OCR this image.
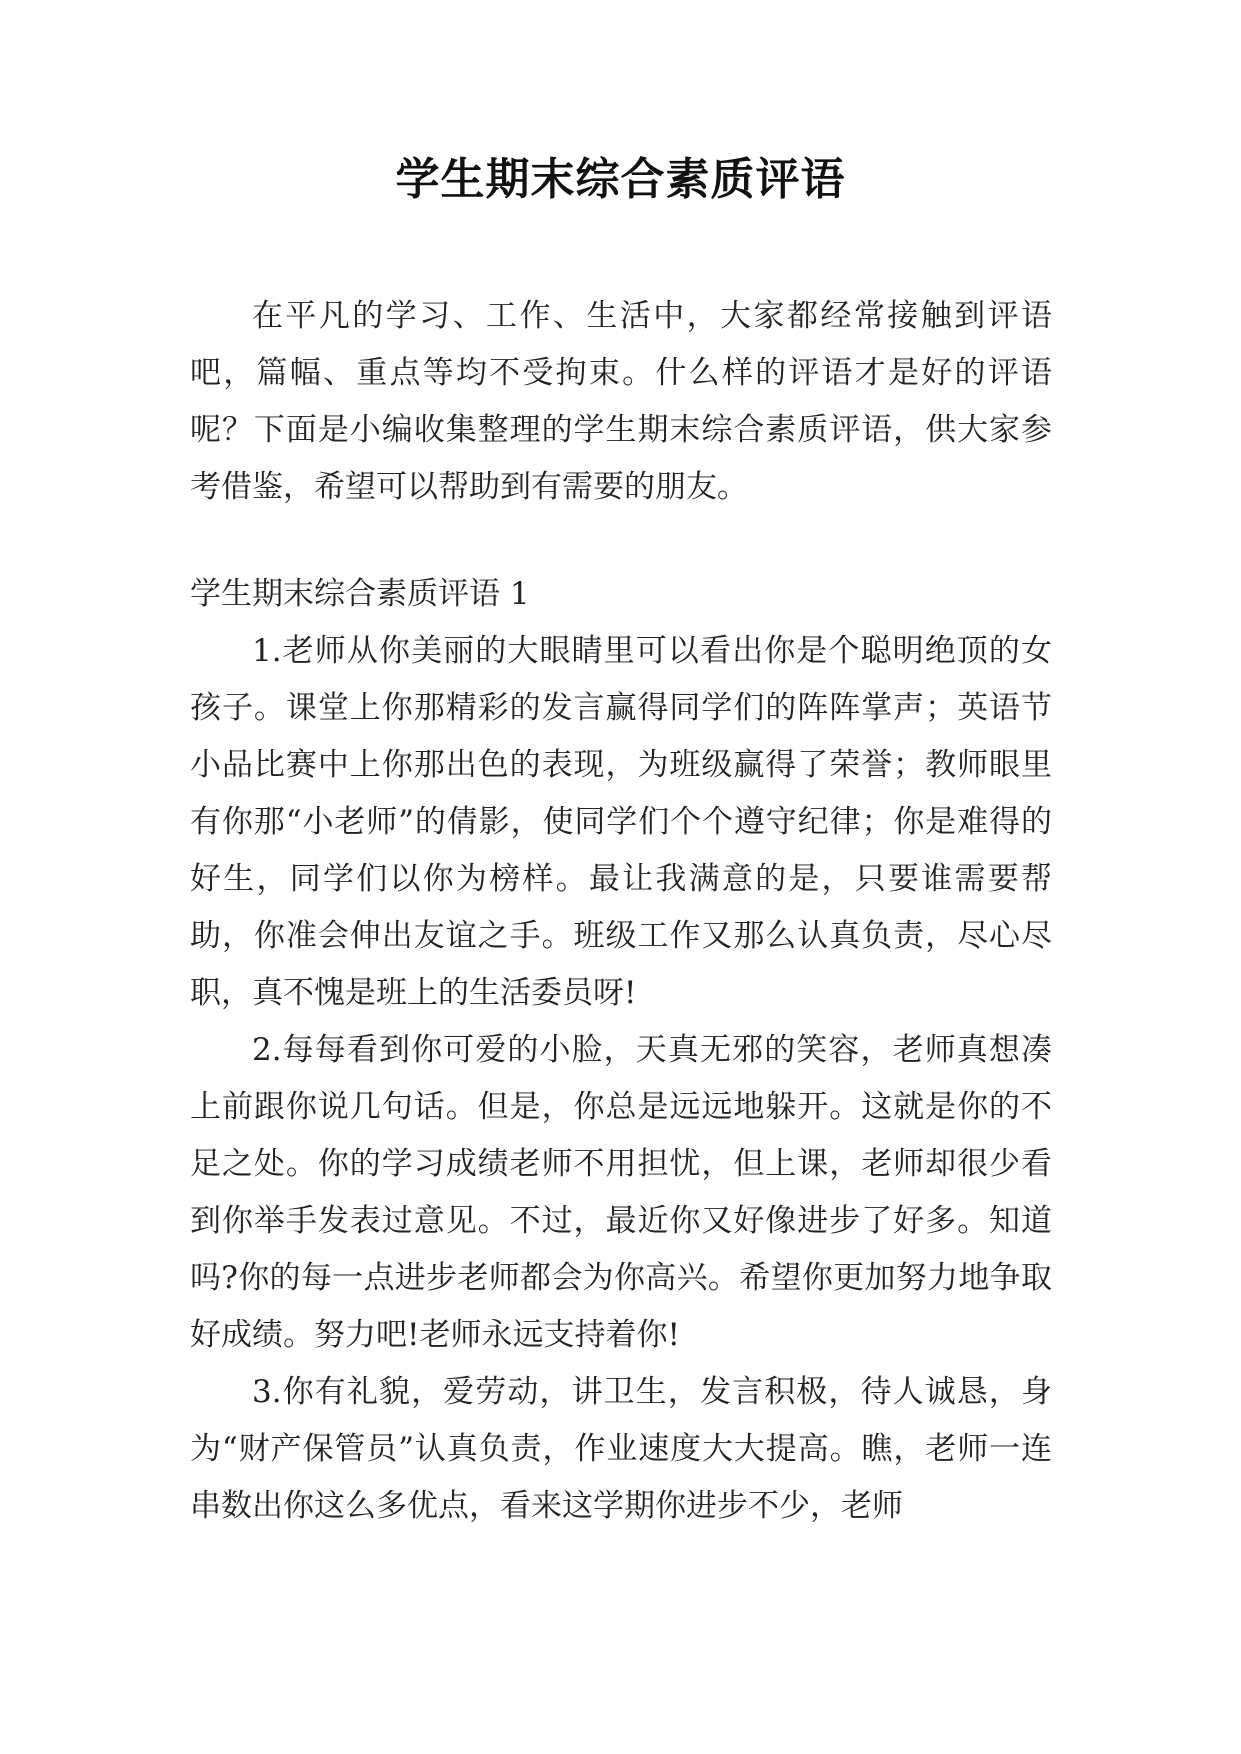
学生期末综合素质评语

在平凡的学习、工作、生活中，大家都经常接触到评语吧，篇幅、重点等均不受拘束。什么样的评语才是好的评语呢？下面是小编收集整理的学生期末综合素质评语，供大家参考借鉴，希望可以帮助到有需要的朋友。

学生期末综合素质评语 1

1.老师从你美丽的大眼睛里可以看出你是个聪明绝顶的女孩子。课堂上你那精彩的发言赢得同学们的阵阵掌声；英语节小品比赛中上你那出色的表现，为班级赢得了荣誉；教师眼里有你那“小老师”的倩影，使同学们个个遵守纪律；你是难得的好生，同学们以你为榜样。最让我满意的是，只要谁需要帮助，你准会伸出友谊之手。班级工作又那么认真负责，尽心尽职，真不愧是班上的生活委员呀!

2.每每看到你可爱的小脸，天真无邪的笑容，老师真想凑上前跟你说几句话。但是，你总是远远地躲开。这就是你的不足之处。你的学习成绩老师不用担忧，但上课，老师却很少看到你举手发表过意见。不过，最近你又好像进步了好多。知道吗?你的每一点进步老师都会为你高兴。希望你更加努力地争取好成绩。努力吧!老师永远支持着你!

3.你有礼貌，爱劳动，讲卫生，发言积极，待人诚恳，身为“财产保管员”认真负责，作业速度大大提高。瞧，老师一连串数出你这么多优点，看来这学期你进步不少，老师
